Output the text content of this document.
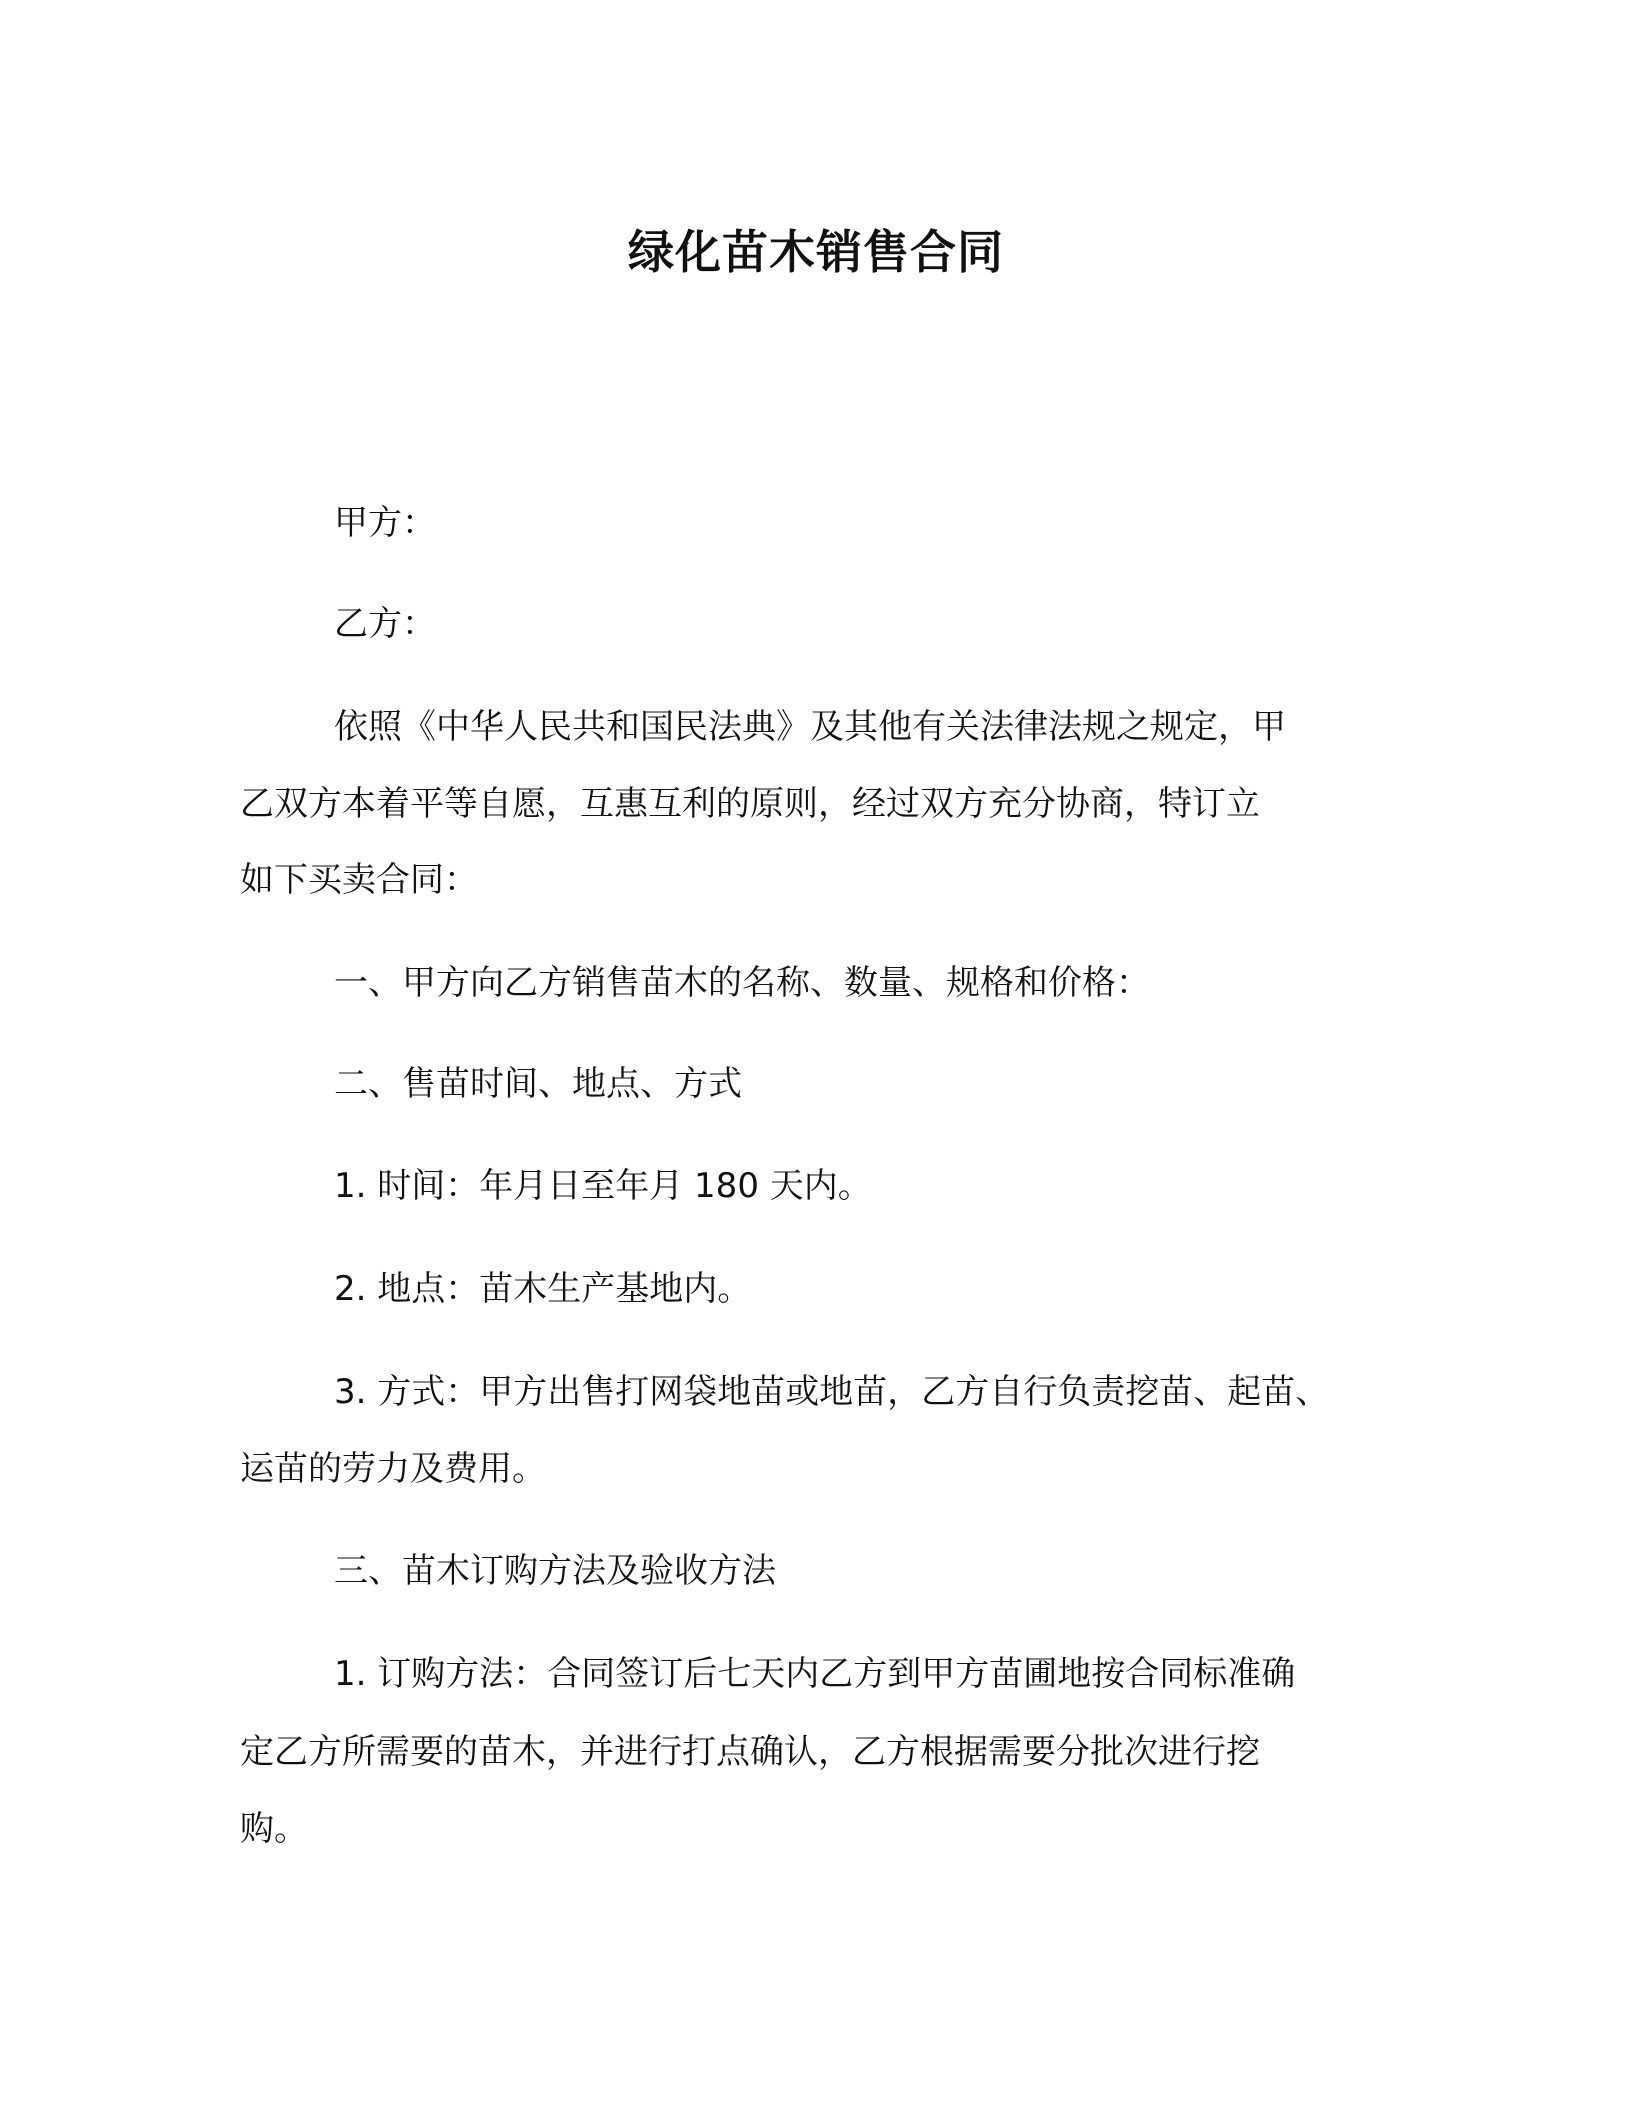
绿化苗木销售合同
甲方：
乙方：
依照《中华人民共和国民法典》及其他有关法律法规之规定，甲
乙双方本着平等自愿，互惠互利的原则，经过双方充分协商，特订立
如下买卖合同：
一、甲方向乙方销售苗木的名称、数量、规格和价格：
二、售苗时间、地点、方式
1. 时间：年月日至年月 180 天内。
2. 地点：苗木生产基地内。
3. 方式：甲方出售打网袋地苗或地苗，乙方自行负责挖苗、起苗、
运苗的劳力及费用。
三、苗木订购方法及验收方法
1. 订购方法：合同签订后七天内乙方到甲方苗圃地按合同标准确
定乙方所需要的苗木，并进行打点确认，乙方根据需要分批次进行挖
购。
